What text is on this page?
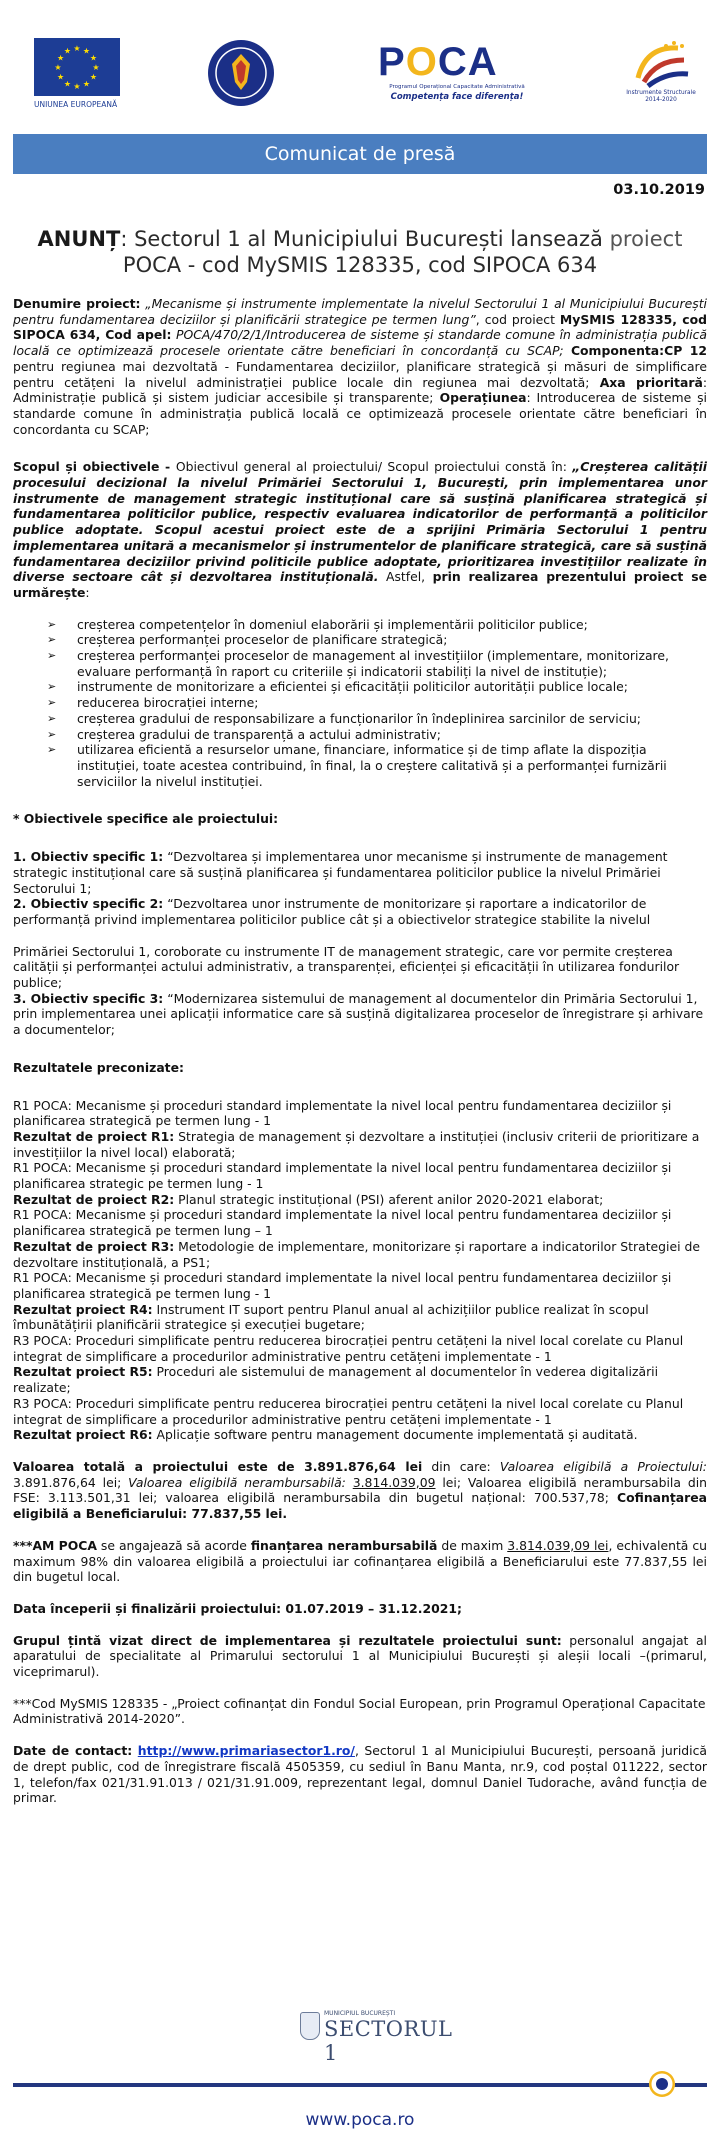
★ ★
★
★
★
★
★
★
★
★
★
★
UNIUNEA EUROPEANĂ
POCA
Programul Operațional Capacitate Administrativă
Competența face diferența!	Instrumente Structurale 2014-2020
Comunicat de presă
03.10.2019
ANUNȚ: Sectorul 1 al Municipiului București lansează proiect
POCA - cod MySMIS 128335, cod SIPOCA 634

Denumire proiect: „Mecanisme și instrumente implementate la nivelul Sectorului 1 al Municipiului București pentru fundamentarea deciziilor și planificării strategice pe termen lung”, cod proiect MySMIS 128335, cod SIPOCA 634, Cod apel: POCA/470/2/1/Introducerea de sisteme și standarde comune în administrația publică locală ce optimizează procesele orientate către beneficiari în concordanță cu SCAP; Componenta:CP 12 pentru regiunea mai dezvoltată - Fundamentarea deciziilor, planificare strategică și măsuri de simplificare pentru cetățeni la nivelul administrației publice locale din regiunea mai dezvoltată; Axa prioritară: Administrație publică și sistem judiciar accesibile și transparente; Operațiunea: Introducerea de sisteme și standarde comune în administrația publică locală ce optimizează procesele orientate către beneficiari în concordanta cu SCAP;

Scopul și obiectivele - Obiectivul general al proiectului/ Scopul proiectului constă în: „Creșterea calității procesului decizional la nivelul Primăriei Sectorului 1, București, prin implementarea unor instrumente de management strategic instituțional care să susțină planificarea strategică și fundamentarea politicilor publice, respectiv evaluarea indicatorilor de performanță a politicilor publice adoptate. Scopul acestui proiect este de a sprijini Primăria Sectorului 1 pentru implementarea unitară a mecanismelor și instrumentelor de planificare strategică, care să susțină fundamentarea deciziilor privind politicile publice adoptate, prioritizarea investițiilor realizate în diverse sectoare cât și dezvoltarea instituțională. Astfel, prin realizarea prezentului proiect se urmărește:

➢ creșterea competențelor în domeniul elaborării și implementării politicilor publice;
➢ creșterea performanței proceselor de planificare strategică;
➢ creșterea performanței proceselor de management al investițiilor (implementare, monitorizare, evaluare performanță în raport cu criteriile și indicatorii stabiliți la nivel de instituție);
➢ instrumente de monitorizare a eficientei și eficacității politicilor autorității publice locale;
➢ reducerea birocrației interne;
➢ creșterea gradului de responsabilizare a funcționarilor în îndeplinirea sarcinilor de serviciu;
➢ creșterea gradului de transparență a actului administrativ;
➢ utilizarea eficientă a resurselor umane, financiare, informatice și de timp aflate la dispoziția instituției, toate acestea contribuind, în final, la o creștere calitativă și a performanței furnizării serviciilor la nivelul instituției.

* Obiectivele specifice ale proiectului:

1. Obiectiv specific 1: “Dezvoltarea și implementarea unor mecanisme și instrumente de management strategic instituțional care să susțină planificarea și fundamentarea politicilor publice la nivelul Primăriei Sectorului 1;

2. Obiectiv specific 2: “Dezvoltarea unor instrumente de monitorizare și raportare a indicatorilor de performanță privind implementarea politicilor publice cât și a obiectivelor strategice stabilite la nivelul

Primăriei Sectorului 1, coroborate cu instrumente IT de management strategic, care vor permite creșterea calității și performanței actului administrativ, a transparenței, eficienței și eficacității în utilizarea fondurilor publice;

3. Obiectiv specific 3: “Modernizarea sistemului de management al documentelor din Primăria Sectorului 1, prin implementarea unei aplicații informatice care să susțină digitalizarea proceselor de înregistrare și arhivare a documentelor;

Rezultatele preconizate:

R1 POCA: Mecanisme și proceduri standard implementate la nivel local pentru fundamentarea deciziilor și planificarea strategică pe termen lung - 1

Rezultat de proiect R1: Strategia de management și dezvoltare a instituției (inclusiv criterii de prioritizare a investițiilor la nivel local) elaborată;

R1 POCA: Mecanisme și proceduri standard implementate la nivel local pentru fundamentarea deciziilor și planificarea strategic pe termen lung - 1

Rezultat de proiect R2: Planul strategic instituțional (PSI) aferent anilor 2020-2021 elaborat;

R1 POCA: Mecanisme și proceduri standard implementate la nivel local pentru fundamentarea deciziilor și planificarea strategică pe termen lung – 1

Rezultat de proiect R3: Metodologie de implementare, monitorizare și raportare a indicatorilor Strategiei de dezvoltare instituțională, a PS1;

R1 POCA: Mecanisme și proceduri standard implementate la nivel local pentru fundamentarea deciziilor și planificarea strategică pe termen lung - 1

Rezultat proiect R4: Instrument IT suport pentru Planul anual al achizițiilor publice realizat în scopul îmbunătățirii planificării strategice și execuției bugetare;

R3 POCA: Proceduri simplificate pentru reducerea birocrației pentru cetățeni la nivel local corelate cu Planul integrat de simplificare a procedurilor administrative pentru cetățeni implementate - 1

Rezultat proiect R5: Proceduri ale sistemului de management al documentelor în vederea digitalizării realizate;

R3 POCA: Proceduri simplificate pentru reducerea birocrației pentru cetățeni la nivel local corelate cu Planul integrat de simplificare a procedurilor administrative pentru cetățeni implementate - 1

Rezultat proiect R6: Aplicație software pentru management documente implementată și auditată.

Valoarea totală a proiectului este de 3.891.876,64 lei din care: Valoarea eligibilă a Proiectului: 3.891.876,64 lei; Valoarea eligibilă nerambursabilă: 3.814.039,09 lei; Valoarea eligibilă nerambursabila din FSE: 3.113.501,31 lei; valoarea eligibilă nerambursabila din bugetul național: 700.537,78; Cofinanțarea eligibilă a Beneficiarului: 77.837,55 lei.

***AM POCA se angajează să acorde finanțarea nerambursabilă de maxim 3.814.039,09 lei, echivalentă cu maximum 98% din valoarea eligibilă a proiectului iar cofinanțarea eligibilă a Beneficiarului este 77.837,55 lei din bugetul local.

Data începerii și finalizării proiectului: 01.07.2019 – 31.12.2021;

Grupul țintă vizat direct de implementarea și rezultatele proiectului sunt: personalul angajat al aparatului de specialitate al Primarului sectorului 1 al Municipiului București și aleșii locali –(primarul, viceprimarul).

***Cod MySMIS 128335 - „Proiect cofinanțat din Fondul Social European, prin Programul Operațional Capacitate Administrativă 2014-2020”.

Date de contact: http://www.primariasector1.ro/, Sectorul 1 al Municipiului București, persoană juridică de drept public, cod de înregistrare fiscală 4505359, cu sediul în Banu Manta, nr.9, cod poștal 011222, sector 1, telefon/fax 021/31.91.013 / 021/31.91.009, reprezentant legal, domnul Daniel Tudorache, având funcția de primar.

MUNICIPIUL BUCUREȘTI
SECTORUL 1
www.poca.ro
